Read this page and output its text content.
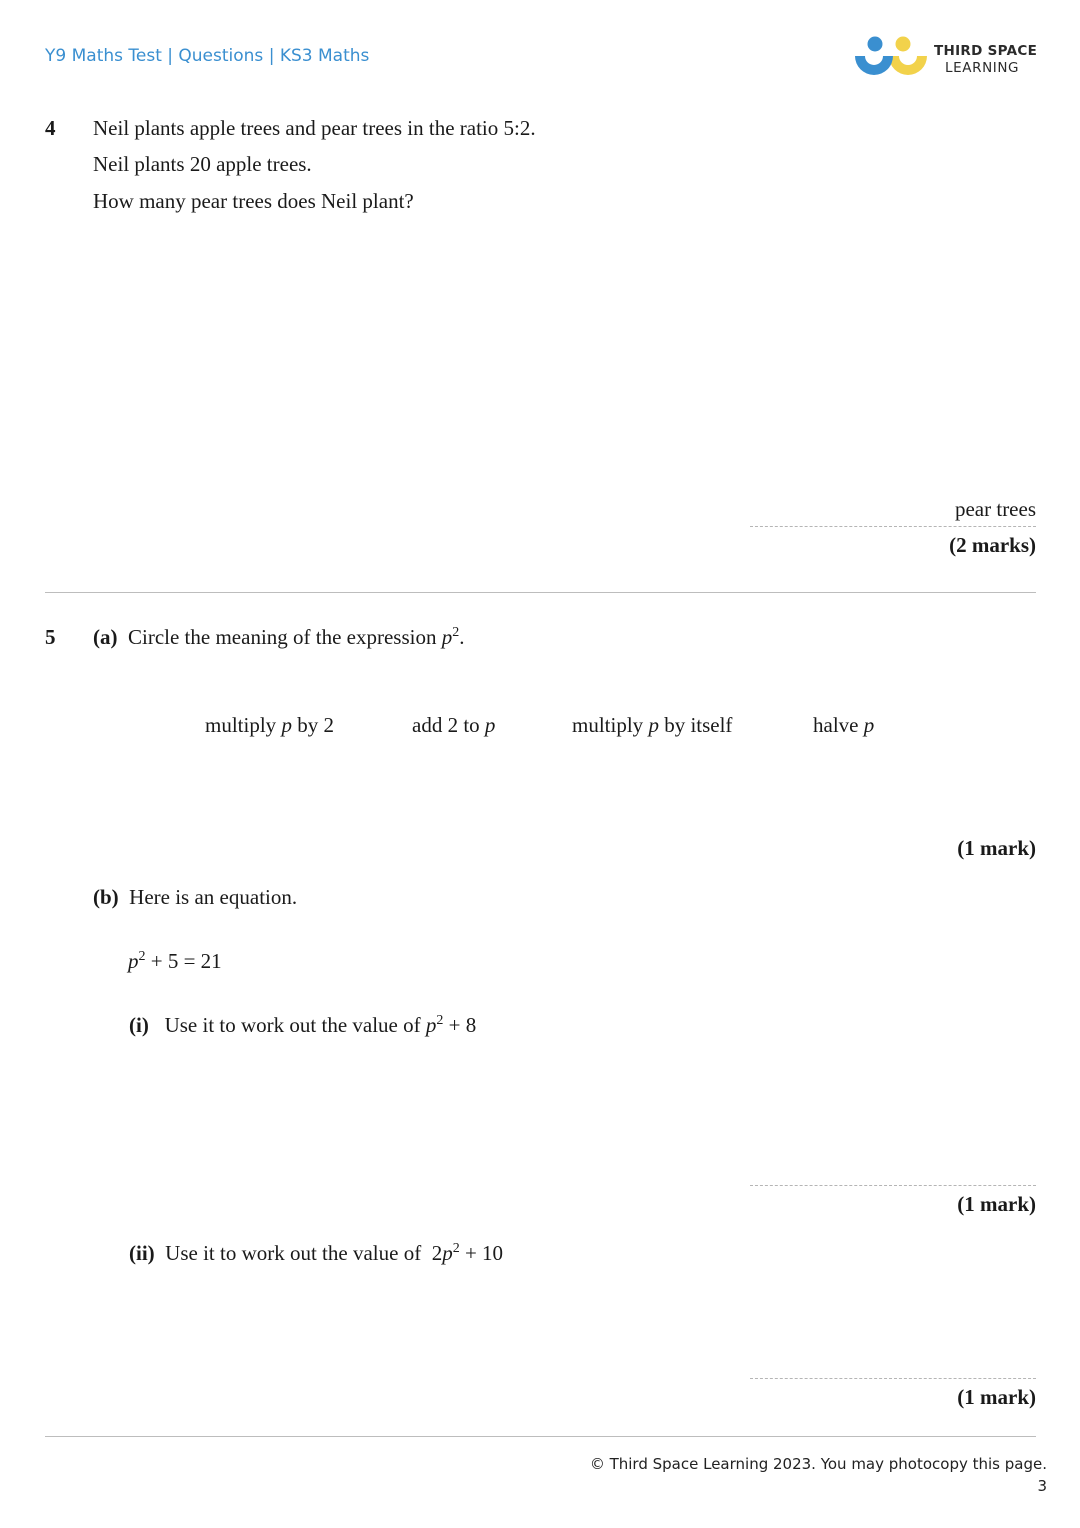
Y9 Maths Test | Questions | KS3 Maths	THIRD SPACE
LEARNING
4 Neil plants apple trees and pear trees in the ratio 5:2.
Neil plants 20 apple trees.
How many pear trees does Neil plant?
pear trees
(2 marks)
5 (a) Circle the meaning of the expression $p^2$.
multiply p by 2	add 2 to p	multiply p by itself	halve p
(1 mark)
(b) Here is an equation.
$p^2 + 5 = 21$
(i) Use it to work out the value of $p^2 + 8$
(1 mark)
(ii) Use it to work out the value of $2p^2 + 10$
(1 mark)
© Third Space Learning 2023. You may photocopy this page.
3
